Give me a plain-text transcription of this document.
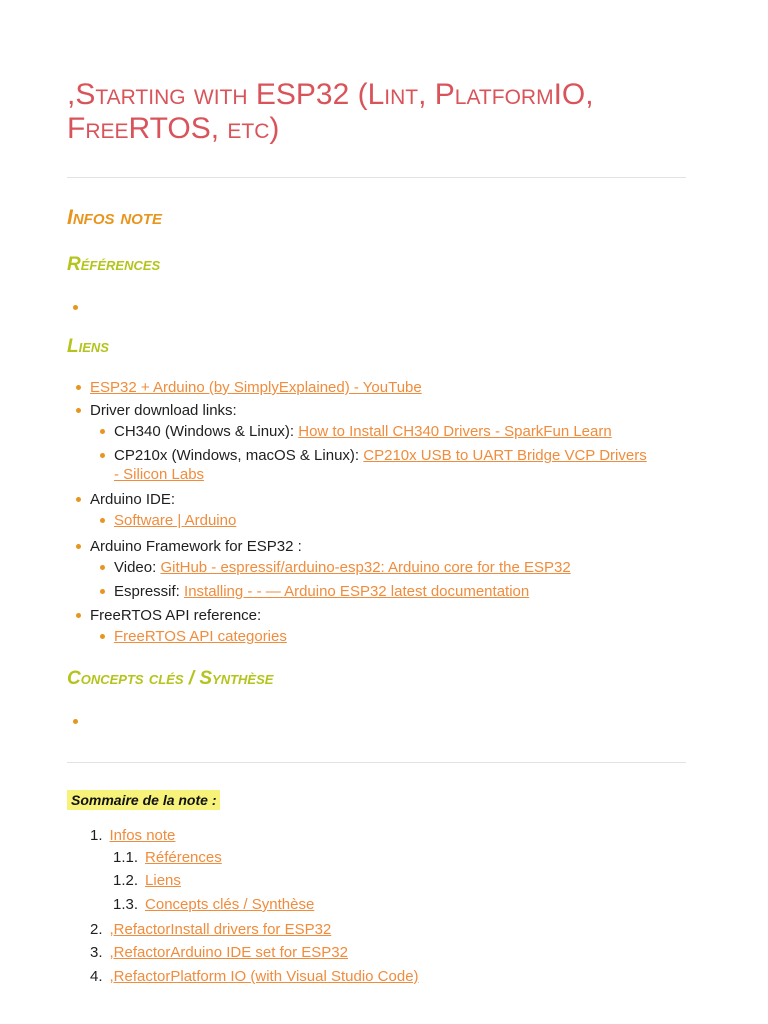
,Starting with ESP32 (Lint, PlatformIO, FreeRTOS, etc)
Infos note
Références
Liens
ESP32 + Arduino (by SimplyExplained) - YouTube
Driver download links:
CH340 (Windows & Linux): How to Install CH340 Drivers - SparkFun Learn
CP210x (Windows, macOS & Linux): CP210x USB to UART Bridge VCP Drivers
- Silicon Labs
Arduino IDE:
Software | Arduino
Arduino Framework for ESP32 :
Video: GitHub - espressif/arduino-esp32: Arduino core for the ESP32
Espressif: Installing - - — Arduino ESP32 latest documentation
FreeRTOS API reference:
FreeRTOS API categories
Concepts clés / Synthèse
Sommaire de la note :
1. Infos note
1.1. Références
1.2. Liens
1.3. Concepts clés / Synthèse
2. ,RefactorInstall drivers for ESP32
3. ,RefactorArduino IDE set for ESP32
4. ,RefactorPlatform IO (with Visual Studio Code)
